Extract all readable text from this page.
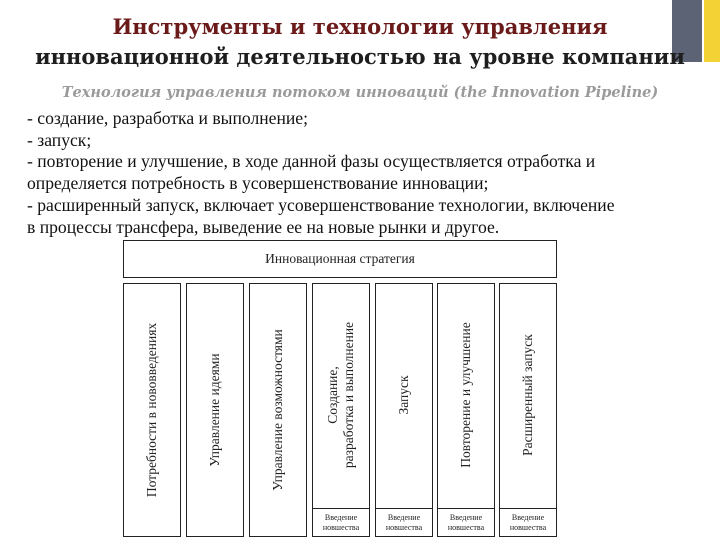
Инструменты и технологии управления
инновационной деятельностью на уровне компании

Технология управления потоком инноваций (the Innovation Pipeline)

- создание, разработка и выполнение;
- запуск;
- повторение и улучшение, в ходе данной фазы осуществляется отработка и
определяется потребность в усовершенствование инновации;
- расширенный запуск, включает усовершенствование технологии, включение
в процессы трансфера, выведение ее на новые рынки и другое.
Инновационная стратегия
Потребности в нововведениях	Управление идеями	Управление возможностями	Создание, разработка и выполнение
Введение
новшества
Запуск
Введение
новшества
Повторение и улучшение
Введение
новшества
Расширенный запуск
Введение
новшества
